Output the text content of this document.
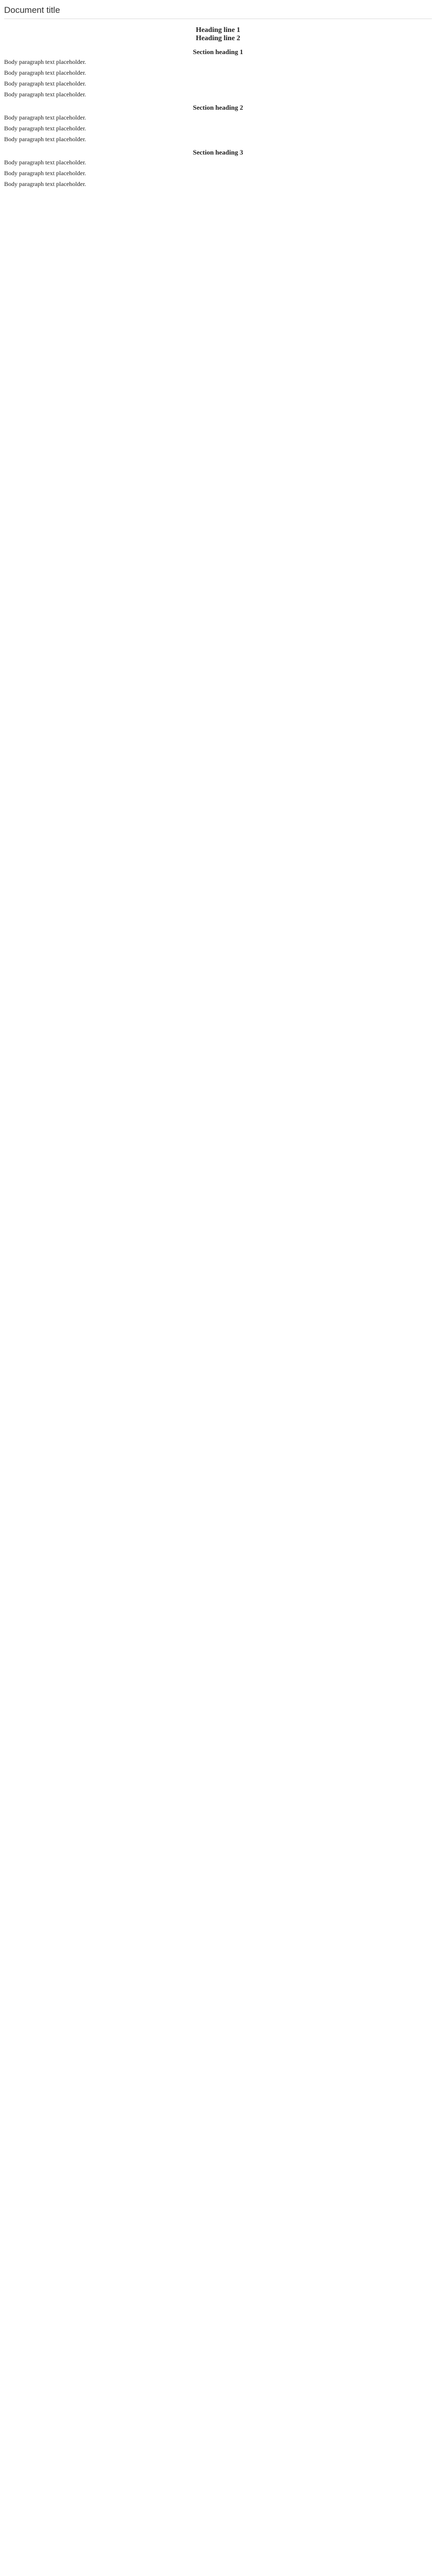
Document title

Heading line 1

Heading line 2

Section heading 1

Body paragraph text placeholder.

Body paragraph text placeholder.

Body paragraph text placeholder.

Body paragraph text placeholder.

Section heading 2

Body paragraph text placeholder.

Body paragraph text placeholder.

Body paragraph text placeholder.

Section heading 3

Body paragraph text placeholder.

Body paragraph text placeholder.

Body paragraph text placeholder.
